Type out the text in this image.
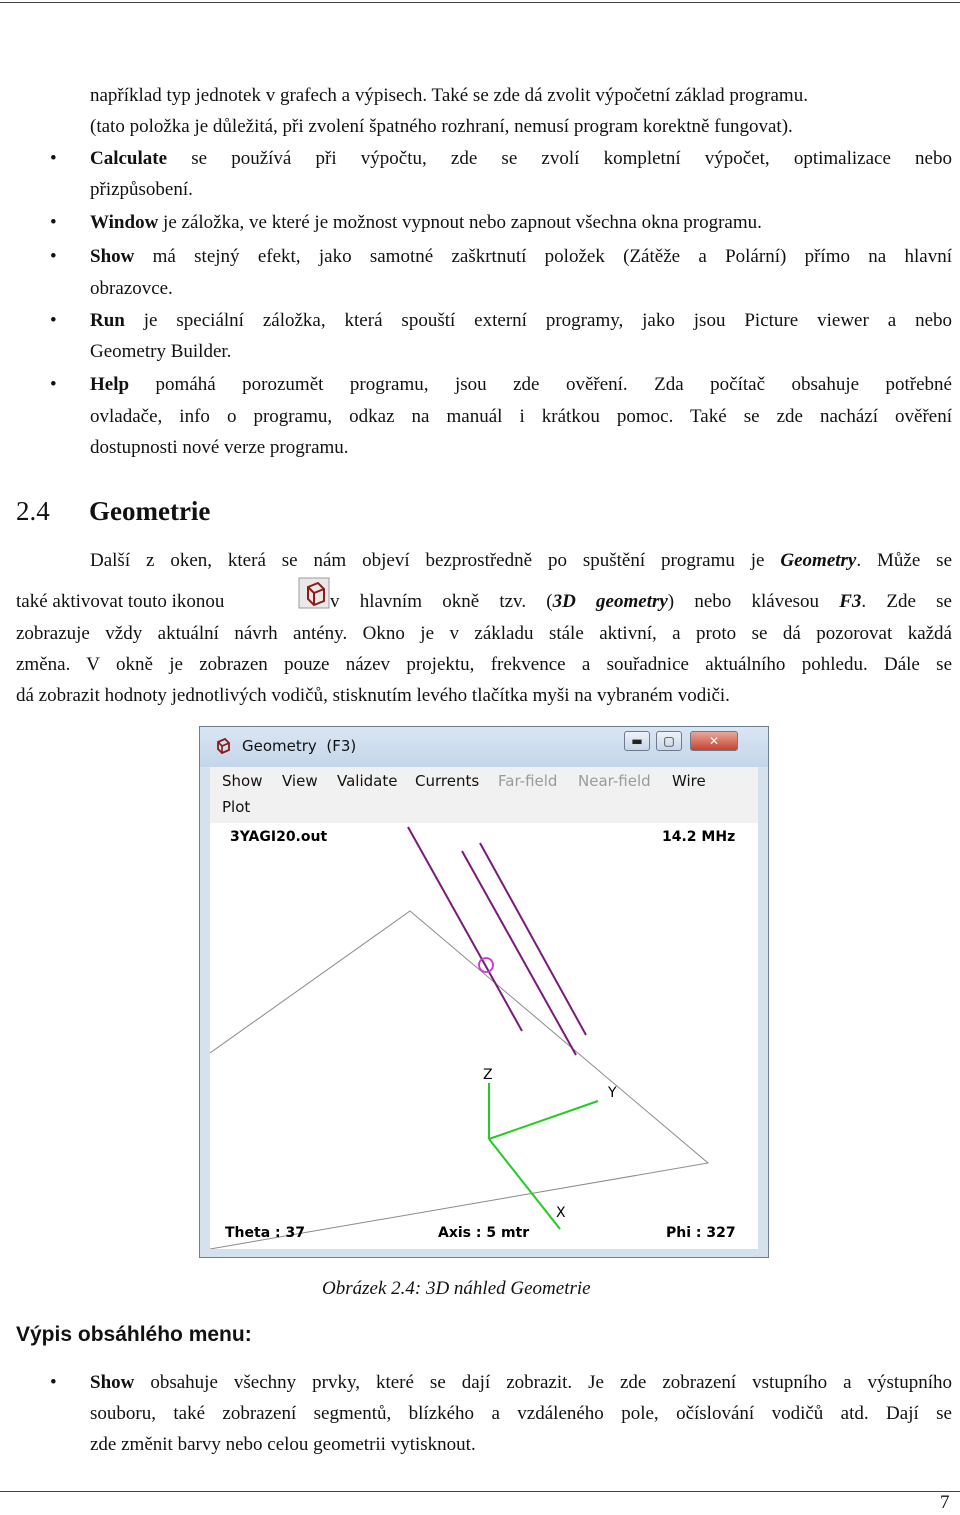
například typ jednotek v grafech a výpisech. Také se zde dá zvolit výpočetní základ programu.

(tato položka je důležitá, při zvolení špatného rozhraní, nemusí program korektně fungovat).

•	Calculate se používá při výpočtu, zde se zvolí kompletní výpočet, optimalizace nebo

přizpůsobení.

•	Window je záložka, ve které je možnost vypnout nebo zapnout všechna okna programu.

•	Show má stejný efekt, jako samotné zaškrtnutí položek (Zátěže a Polární) přímo na hlavní

obrazovce.

•	Run je speciální záložka, která spouští externí programy, jako jsou Picture viewer a nebo

Geometry Builder.

•	Help pomáhá porozumět programu, jsou zde ověření. Zda počítač obsahuje potřebné

ovladače, info o programu, odkaz na manuál i krátkou pomoc. Také se zde nachází ověření

dostupnosti nové verze programu.

2.4 Geometrie

Další z oken, která se nám objeví bezprostředně po spuštění programu je Geometry. Může se

také aktivovat touto ikonou	v hlavním okně tzv. (3D geometry) nebo klávesou F3. Zde se

zobrazuje vždy aktuální návrh antény. Okno je v základu stále aktivní, a proto se dá pozorovat každá

změna. V okně je zobrazen pouze název projektu, frekvence a souřadnice aktuálního pohledu. Dále se

dá zobrazit hodnoty jednotlivých vodičů, stisknutím levého tlačítka myši na vybraném vodiči.

Geometry (F3)	▬	▢	✕
Show View Validate Currents Far-field Near-field Wire
Plot
3YAGI20.out	14.2 MHz
Z
Y
X
Theta : 37	Axis : 5 mtr	Phi : 327
Obrázek 2.4: 3D náhled Geometrie
Výpis obsáhlého menu:
•	Show obsahuje všechny prvky, které se dají zobrazit. Je zde zobrazení vstupního a výstupního

souboru, také zobrazení segmentů, blízkého a vzdáleného pole, očíslování vodičů atd. Dají se

zde změnit barvy nebo celou geometrii vytisknout.

7
